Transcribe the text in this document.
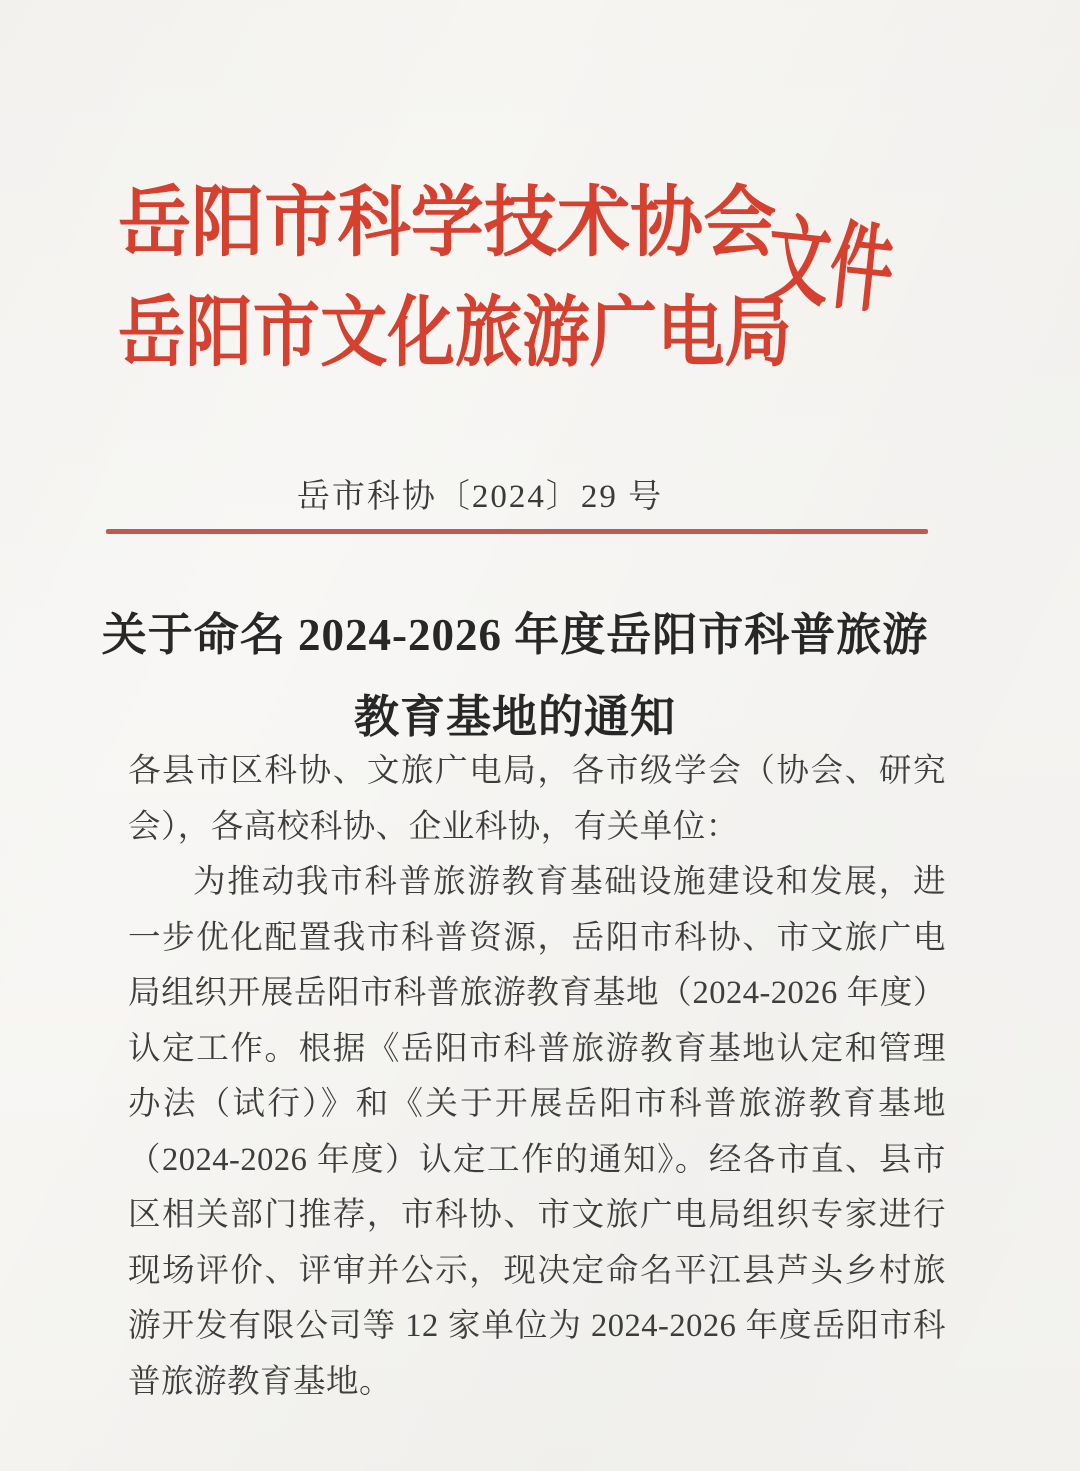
岳阳市科学技术协会
岳阳市文化旅游广电局
文件
岳市科协〔2024〕29 号
关于命名 2024-2026 年度岳阳市科普旅游
教育基地的通知

各县市区科协、文旅广电局，各市级学会（协会、研究会），各高校科协、企业科协，有关单位：

为推动我市科普旅游教育基础设施建设和发展，进一步优化配置我市科普资源，岳阳市科协、市文旅广电局组织开展岳阳市科普旅游教育基地（2024-2026 年度）认定工作。根据《岳阳市科普旅游教育基地认定和管理办法（试行）》和《关于开展岳阳市科普旅游教育基地（2024-2026 年度）认定工作的通知》。经各市直、县市区相关部门推荐，市科协、市文旅广电局组织专家进行现场评价、评审并公示，现决定命名平江县芦头乡村旅游开发有限公司等 12 家单位为 2024-2026 年度岳阳市科普旅游教育基地。
